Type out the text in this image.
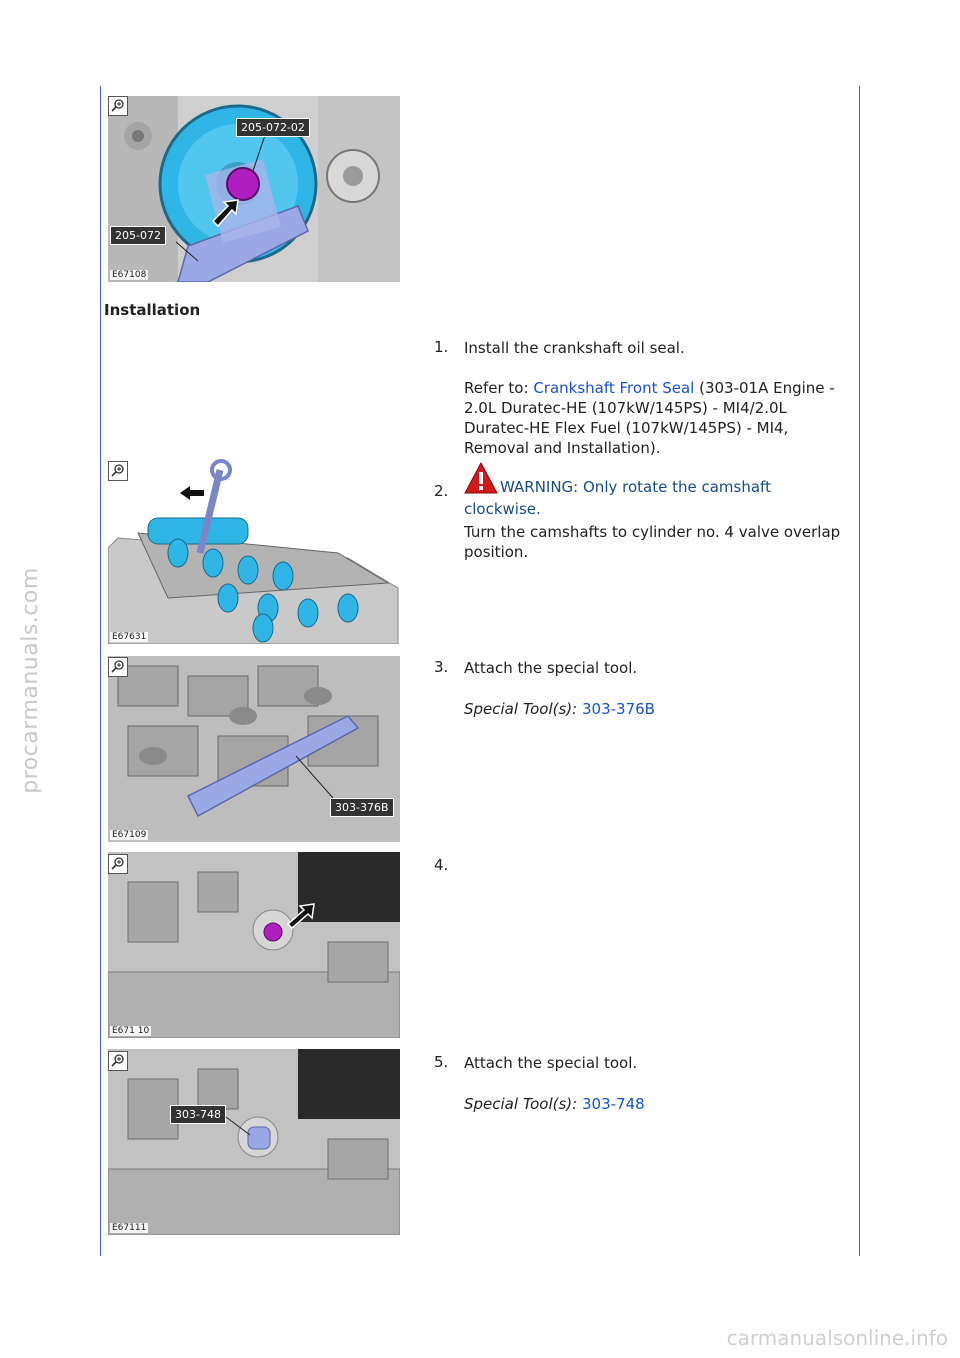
procarmanuals.com
carmanualsonline.info
205-072-02
205-072
E67108
Installation
1. Install the crankshaft oil seal.
Refer to: Crankshaft Front Seal (303-01A Engine - 2.0L Duratec-HE (107kW/145PS) - MI4/2.0L Duratec-HE Flex Fuel (107kW/145PS) - MI4, Removal and Installation).
E67631
2.	WARNING: Only rotate the camshaft clockwise.
Turn the camshafts to cylinder no. 4 valve overlap position.
303-376B
E67109
3. Attach the special tool.
Special Tool(s): 303-376B
E671 10
4.
303-748
E67111
5. Attach the special tool.
Special Tool(s): 303-748
